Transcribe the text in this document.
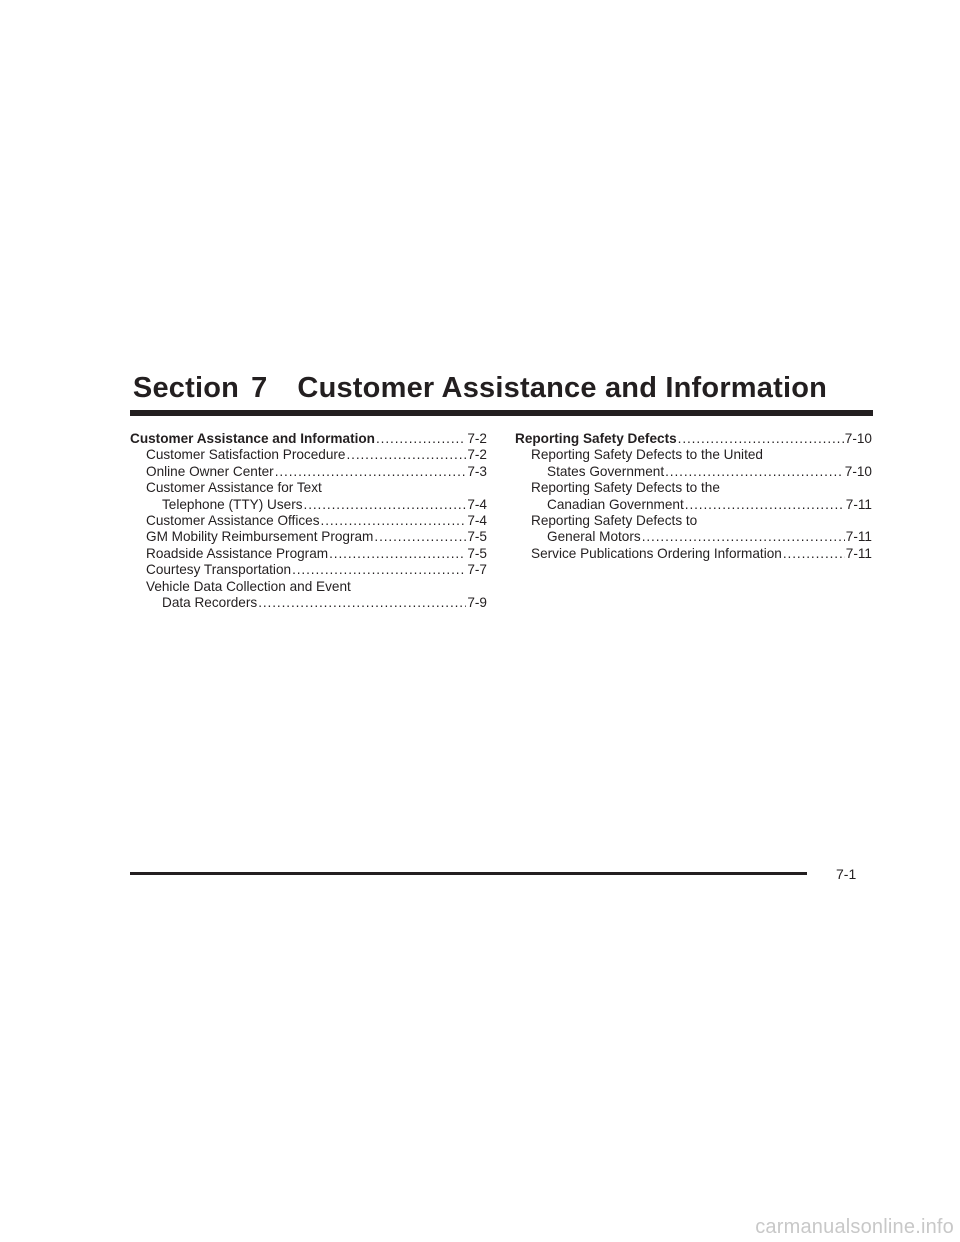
Section 7 Customer Assistance and Information
Customer Assistance and Information .....	7-2
Customer Satisfaction Procedure .....	7-2
Online Owner Center .....	7-3
Customer Assistance for Text
Telephone (TTY) Users .....	7-4
Customer Assistance Offices .....	7-4
GM Mobility Reimbursement Program .....	7-5
Roadside Assistance Program .....	7-5
Courtesy Transportation .....	7-7
Vehicle Data Collection and Event
Data Recorders .....	7-9
Reporting Safety Defects .....	7-10
Reporting Safety Defects to the United
States Government .....	7-10
Reporting Safety Defects to the
Canadian Government .....	7-11
Reporting Safety Defects to
General Motors .....	7-11
Service Publications Ordering Information .....	7-11
7-1
carmanualsonline.info
